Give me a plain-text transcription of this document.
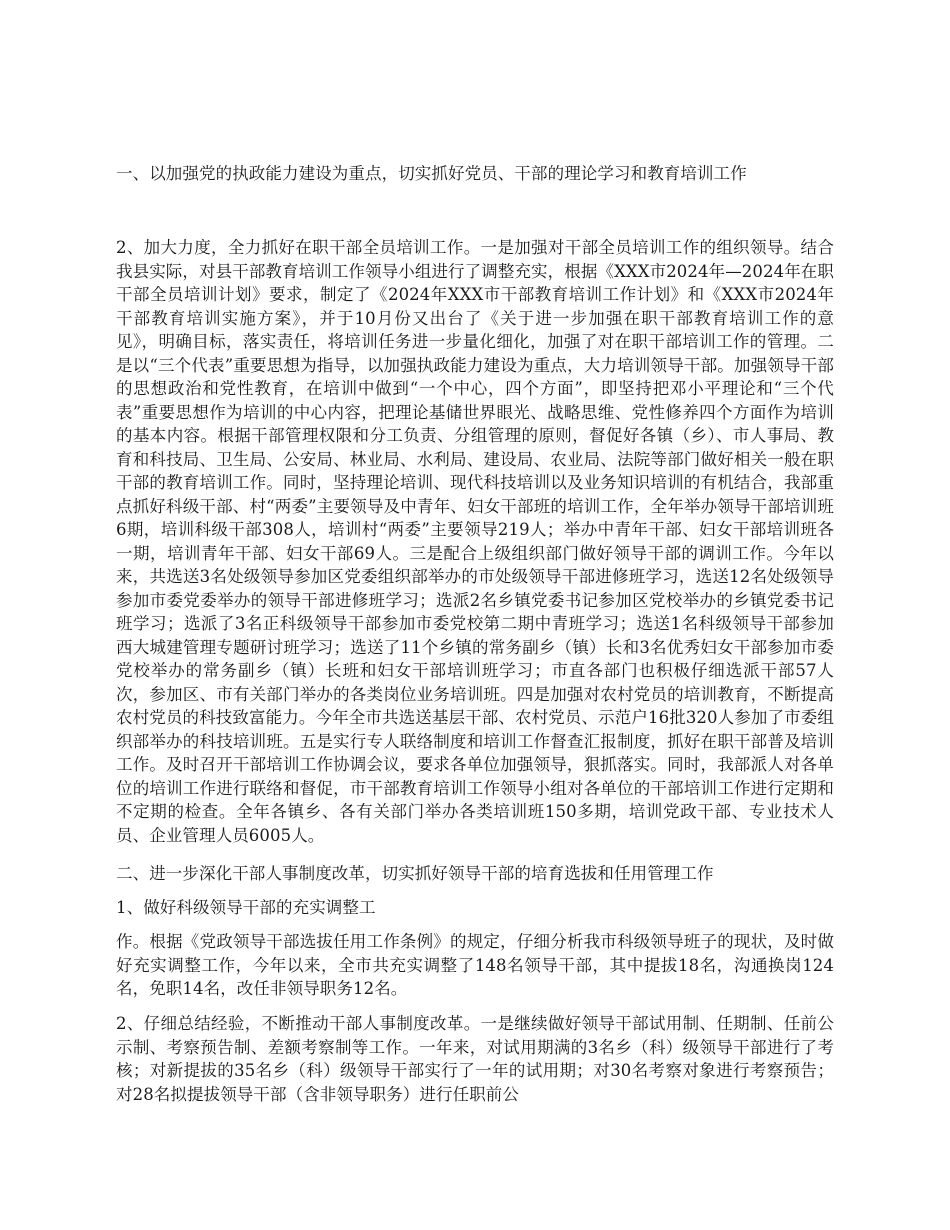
一、以加强党的执政能力建设为重点，切实抓好党员、干部的理论学习和教育培训工作

2、加大力度，全力抓好在职干部全员培训工作。一是加强对干部全员培训工作的组织领导。结合我县实际，对县干部教育培训工作领导小组进行了调整充实，根据《XXX市2024年—2024年在职干部全员培训计划》要求，制定了《2024年XXX市干部教育培训工作计划》和《XXX市2024年干部教育培训实施方案》，并于10月份又出台了《关于进一步加强在职干部教育培训工作的意见》，明确目标，落实责任，将培训任务进一步量化细化，加强了对在职干部培训工作的管理。二是以“三个代表”重要思想为指导，以加强执政能力建设为重点，大力培训领导干部。加强领导干部的思想政治和党性教育，在培训中做到“一个中心，四个方面”，即坚持把邓小平理论和“三个代表”重要思想作为培训的中心内容，把理论基储世界眼光、战略思维、党性修养四个方面作为培训的基本内容。根据干部管理权限和分工负责、分组管理的原则，督促好各镇（乡）、市人事局、教育和科技局、卫生局、公安局、林业局、水利局、建设局、农业局、法院等部门做好相关一般在职干部的教育培训工作。同时，坚持理论培训、现代科技培训以及业务知识培训的有机结合，我部重点抓好科级干部、村“两委”主要领导及中青年、妇女干部班的培训工作，全年举办领导干部培训班6期，培训科级干部308人，培训村“两委”主要领导219人；举办中青年干部、妇女干部培训班各一期，培训青年干部、妇女干部69人。三是配合上级组织部门做好领导干部的调训工作。今年以来，共选送3名处级领导参加区党委组织部举办的市处级领导干部进修班学习，选送12名处级领导参加市委党委举办的领导干部进修班学习；选派2名乡镇党委书记参加区党校举办的乡镇党委书记班学习；选派了3名正科级领导干部参加市委党校第二期中青班学习；选送1名科级领导干部参加西大城建管理专题研讨班学习；选送了11个乡镇的常务副乡（镇）长和3名优秀妇女干部参加市委党校举办的常务副乡（镇）长班和妇女干部培训班学习；市直各部门也积极仔细选派干部57人次，参加区、市有关部门举办的各类岗位业务培训班。四是加强对农村党员的培训教育，不断提高农村党员的科技致富能力。今年全市共选送基层干部、农村党员、示范户16批320人参加了市委组织部举办的科技培训班。五是实行专人联络制度和培训工作督查汇报制度，抓好在职干部普及培训工作。及时召开干部培训工作协调会议，要求各单位加强领导，狠抓落实。同时，我部派人对各单位的培训工作进行联络和督促，市干部教育培训工作领导小组对各单位的干部培训工作进行定期和不定期的检查。全年各镇乡、各有关部门举办各类培训班150多期，培训党政干部、专业技术人员、企业管理人员6005人。

二、进一步深化干部人事制度改革，切实抓好领导干部的培育选拔和任用管理工作

1、做好科级领导干部的充实调整工

作。根据《党政领导干部选拔任用工作条例》的规定，仔细分析我市科级领导班子的现状，及时做好充实调整工作，今年以来，全市共充实调整了148名领导干部，其中提拔18名，沟通换岗124名，免职14名，改任非领导职务12名。

2、仔细总结经验，不断推动干部人事制度改革。一是继续做好领导干部试用制、任期制、任前公示制、考察预告制、差额考察制等工作。一年来，对试用期满的3名乡（科）级领导干部进行了考核；对新提拔的35名乡（科）级领导干部实行了一年的试用期；对30名考察对象进行考察预告；对28名拟提拔领导干部（含非领导职务）进行任职前公
